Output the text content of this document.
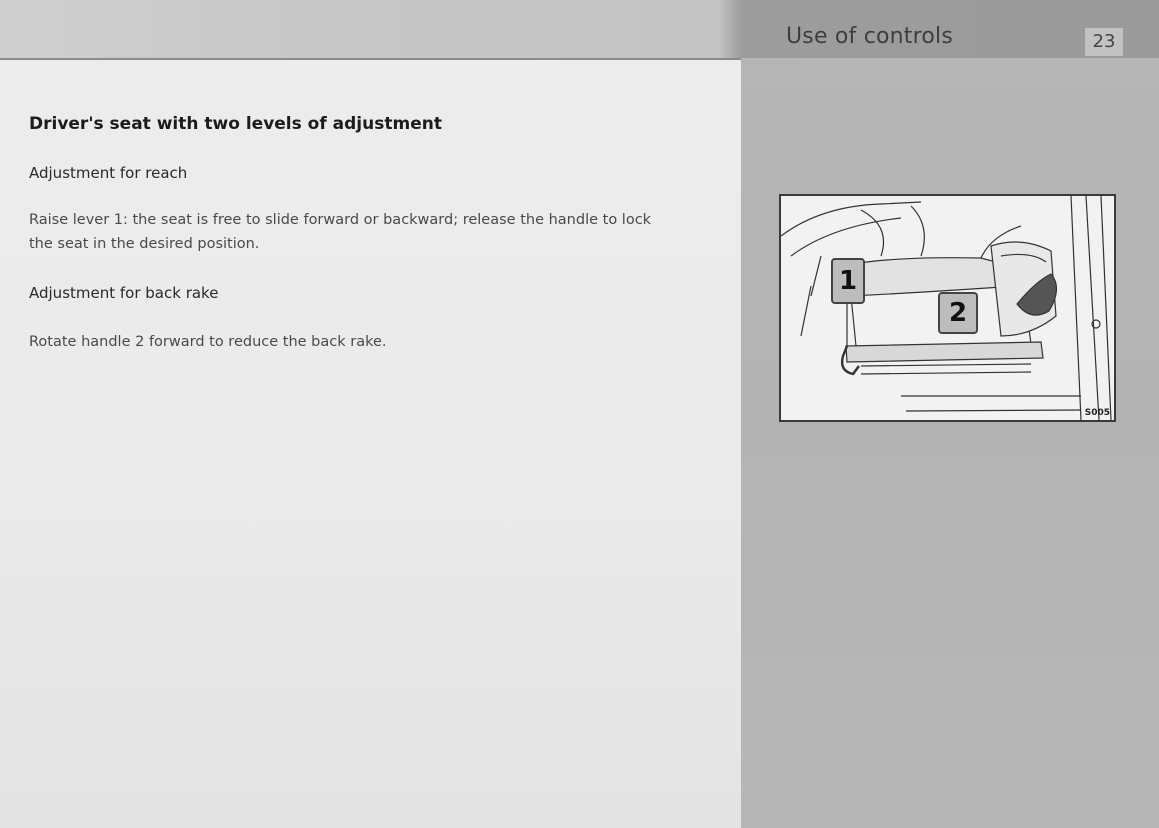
Use of controls	23
Driver's seat with two levels of adjustment
Adjustment for reach

Raise lever 1: the seat is free to slide forward or backward; release the handle to lock
the seat in the desired position.

Adjustment for back rake

Rotate handle 2 forward to reduce the back rake.

1
2
S005
